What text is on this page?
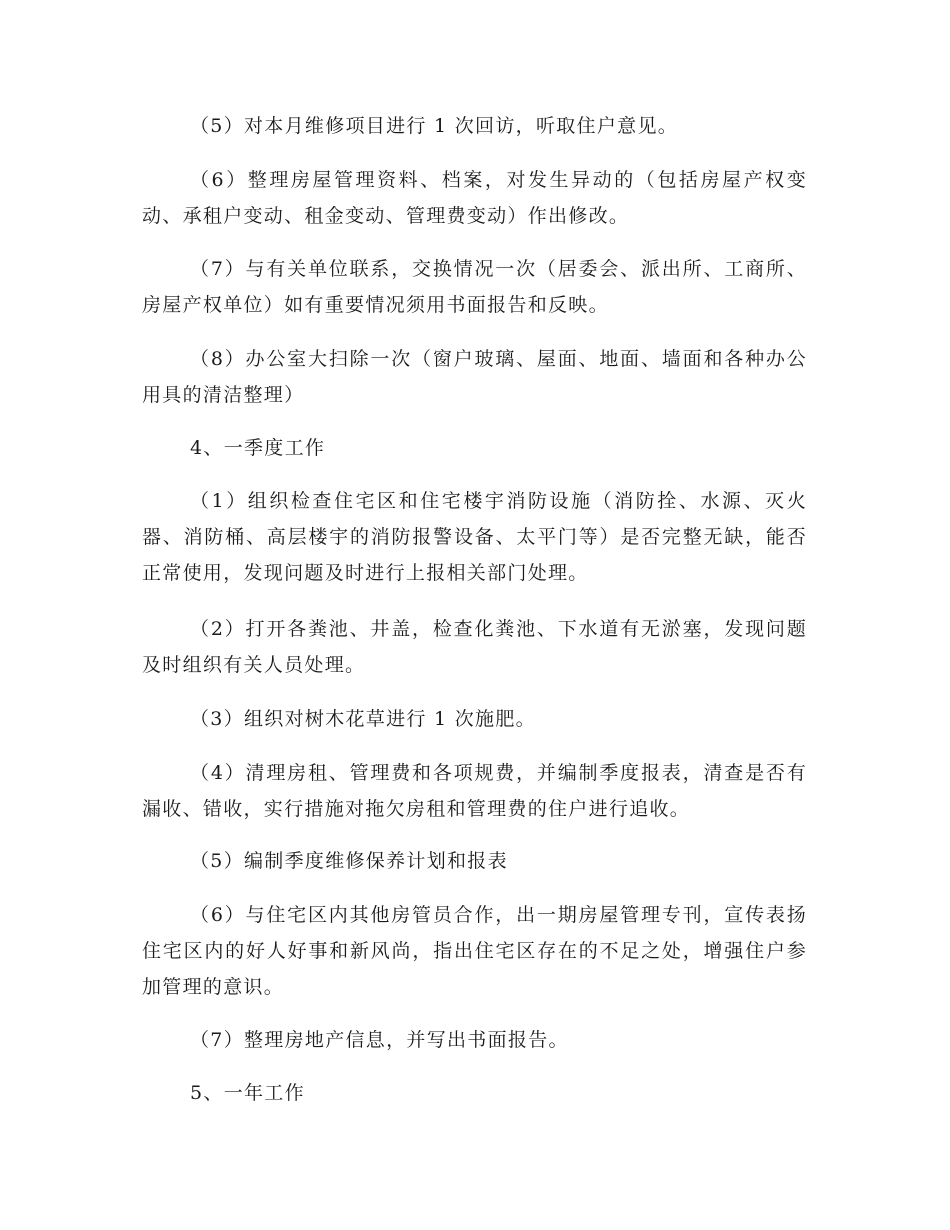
（5）对本月维修项目进行 1 次回访，听取住户意见。

（6）整理房屋管理资料、档案，对发生异动的（包括房屋产权变动、承租户变动、租金变动、管理费变动）作出修改。

（7）与有关单位联系，交换情况一次（居委会、派出所、工商所、房屋产权单位）如有重要情况须用书面报告和反映。

（8）办公室大扫除一次（窗户玻璃、屋面、地面、墙面和各种办公用具的清洁整理）

4、一季度工作

（1）组织检查住宅区和住宅楼宇消防设施（消防拴、水源、灭火器、消防桶、高层楼宇的消防报警设备、太平门等）是否完整无缺，能否正常使用，发现问题及时进行上报相关部门处理。

（2）打开各粪池、井盖，检查化粪池、下水道有无淤塞，发现问题及时组织有关人员处理。

（3）组织对树木花草进行 1 次施肥。

（4）清理房租、管理费和各项规费，并编制季度报表，清查是否有漏收、错收，实行措施对拖欠房租和管理费的住户进行追收。

（5）编制季度维修保养计划和报表

（6）与住宅区内其他房管员合作，出一期房屋管理专刊，宣传表扬住宅区内的好人好事和新风尚，指出住宅区存在的不足之处，增强住户参加管理的意识。

（7）整理房地产信息，并写出书面报告。

5、一年工作
